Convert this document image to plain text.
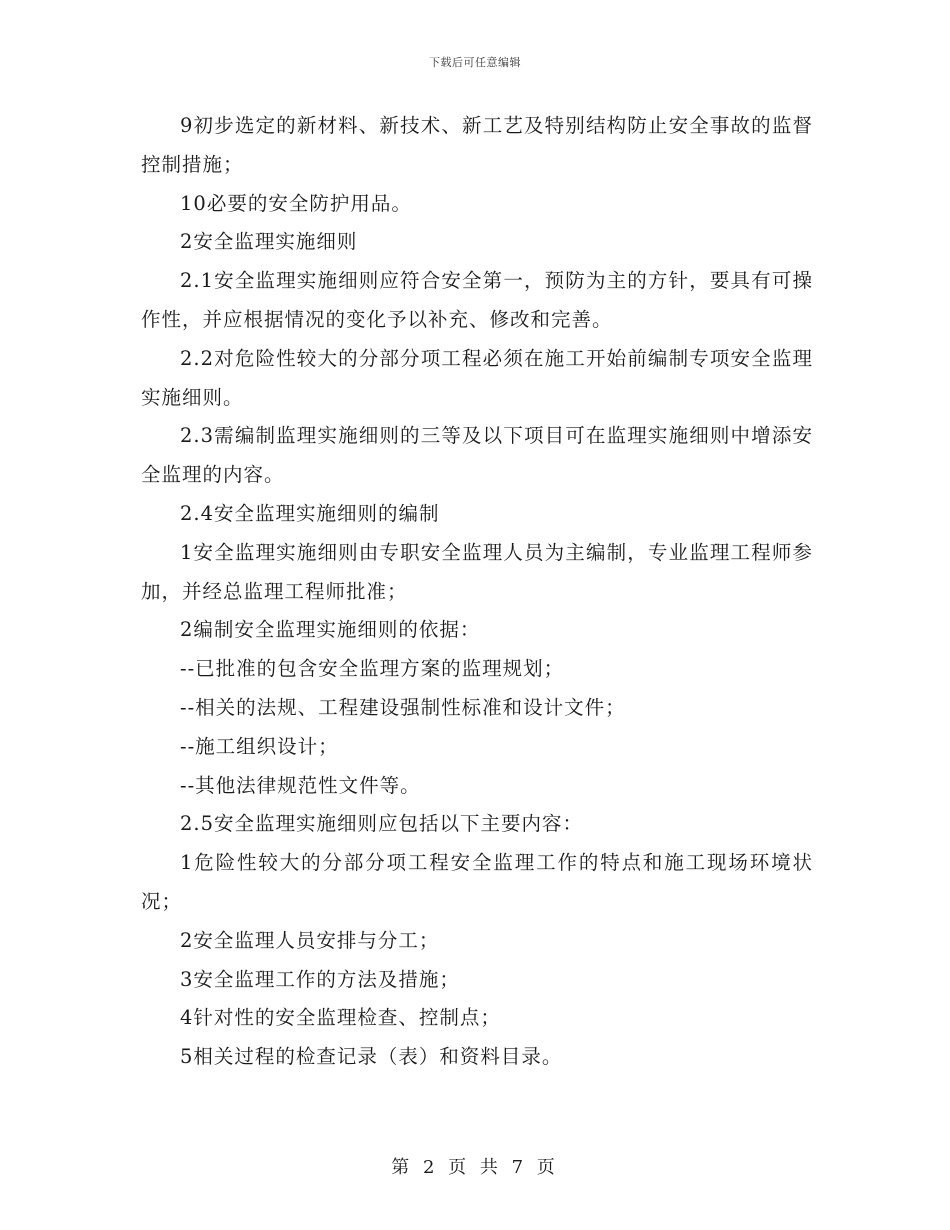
下载后可任意编辑

9初步选定的新材料、新技术、新工艺及特别结构防止安全事故的监督控制措施；

10必要的安全防护用品。

2安全监理实施细则

2.1安全监理实施细则应符合安全第一，预防为主的方针，要具有可操作性，并应根据情况的变化予以补充、修改和完善。

2.2对危险性较大的分部分项工程必须在施工开始前编制专项安全监理实施细则。

2.3需编制监理实施细则的三等及以下项目可在监理实施细则中增添安全监理的内容。

2.4安全监理实施细则的编制

1安全监理实施细则由专职安全监理人员为主编制，专业监理工程师参加，并经总监理工程师批准；

2编制安全监理实施细则的依据：

--已批准的包含安全监理方案的监理规划；

--相关的法规、工程建设强制性标准和设计文件；

--施工组织设计；

--其他法律规范性文件等。

2.5安全监理实施细则应包括以下主要内容：

1危险性较大的分部分项工程安全监理工作的特点和施工现场环境状况；

2安全监理人员安排与分工；

3安全监理工作的方法及措施；

4针对性的安全监理检查、控制点；

5相关过程的检查记录（表）和资料目录。

第 2 页 共 7 页
